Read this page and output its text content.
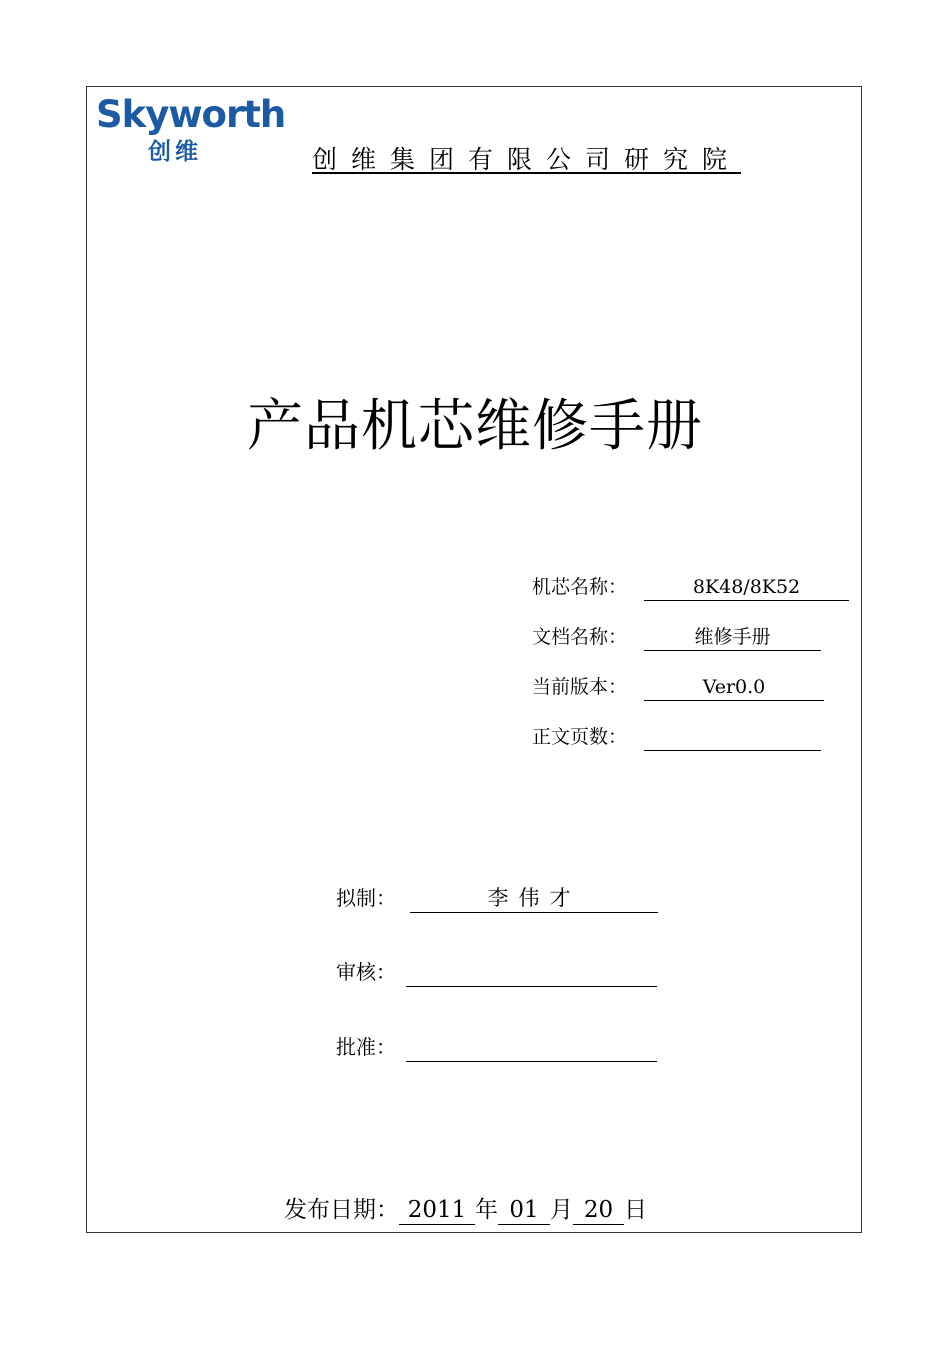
Skyworth
创维	创维集团有限公司研究院
产品机芯维修手册
机芯名称：	8K48/8K52
文档名称：	维修手册
当前版本：	Ver0.0
正文页数：
拟制：	李伟才
审核：
批准：
发布日期： 2011 年 01 月 20 日
